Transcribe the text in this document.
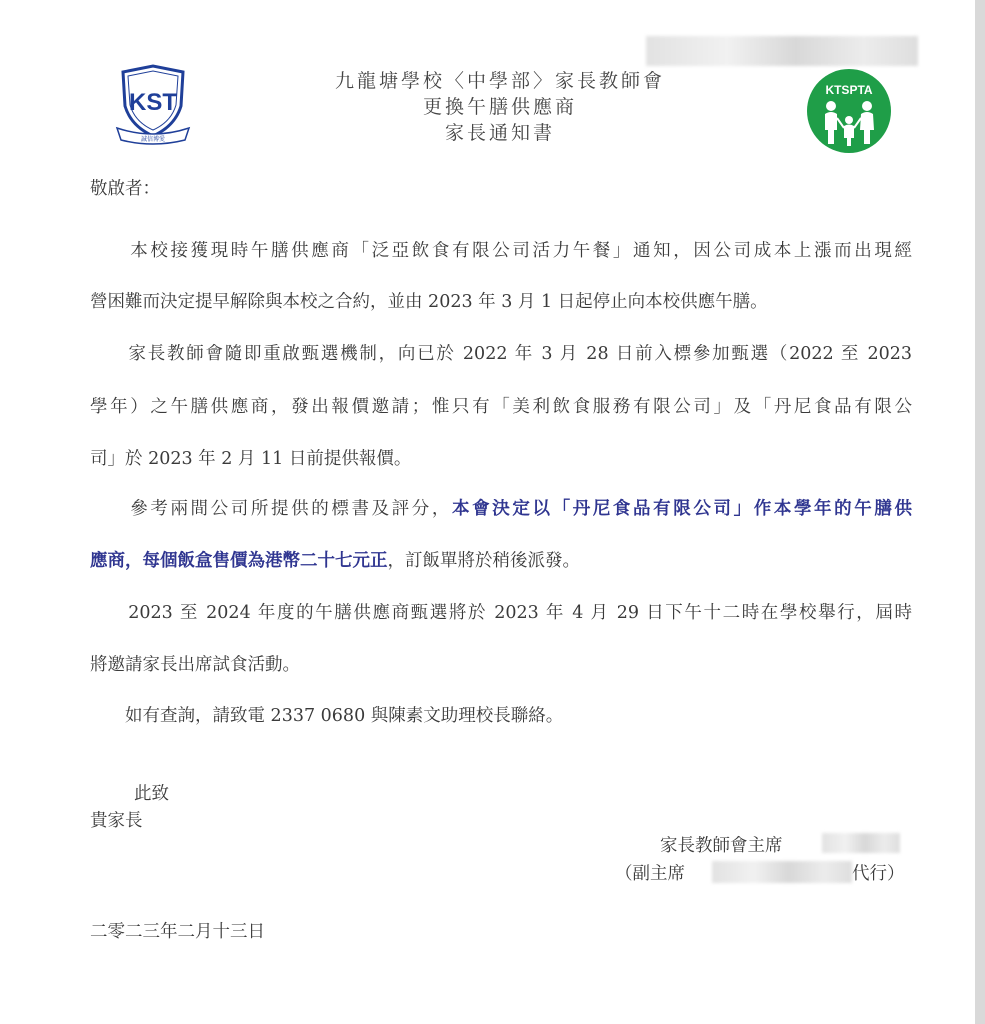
KST
誠信博愛
九龍塘學校〈中學部〉家長教師會
更換午膳供應商
家長通知書
KTSPTA
敬啟者：
　　本校接獲現時午膳供應商「泛亞飲食有限公司活力午餐」通知，因公司成本上漲而出現經
營困難而決定提早解除與本校之合約，並由 2023 年 3 月 1 日起停止向本校供應午膳。
　　家長教師會隨即重啟甄選機制，向已於 2022 年 3 月 28 日前入標參加甄選（2022 至 2023
學年）之午膳供應商，發出報價邀請；惟只有「美利飲食服務有限公司」及「丹尼食品有限公
司」於 2023 年 2 月 11 日前提供報價。
　　參考兩間公司所提供的標書及評分，本會決定以「丹尼食品有限公司」作本學年的午膳供
應商，每個飯盒售價為港幣二十七元正，訂飯單將於稍後派發。
　　2023 至 2024 年度的午膳供應商甄選將於 2023 年 4 月 29 日下午十二時在學校舉行，屆時
將邀請家長出席試食活動。
　　如有查詢，請致電 2337 0680 與陳素文助理校長聯絡。
此致
貴家長
家長教師會主席
（副主席	代行）
二零二三年二月十三日
